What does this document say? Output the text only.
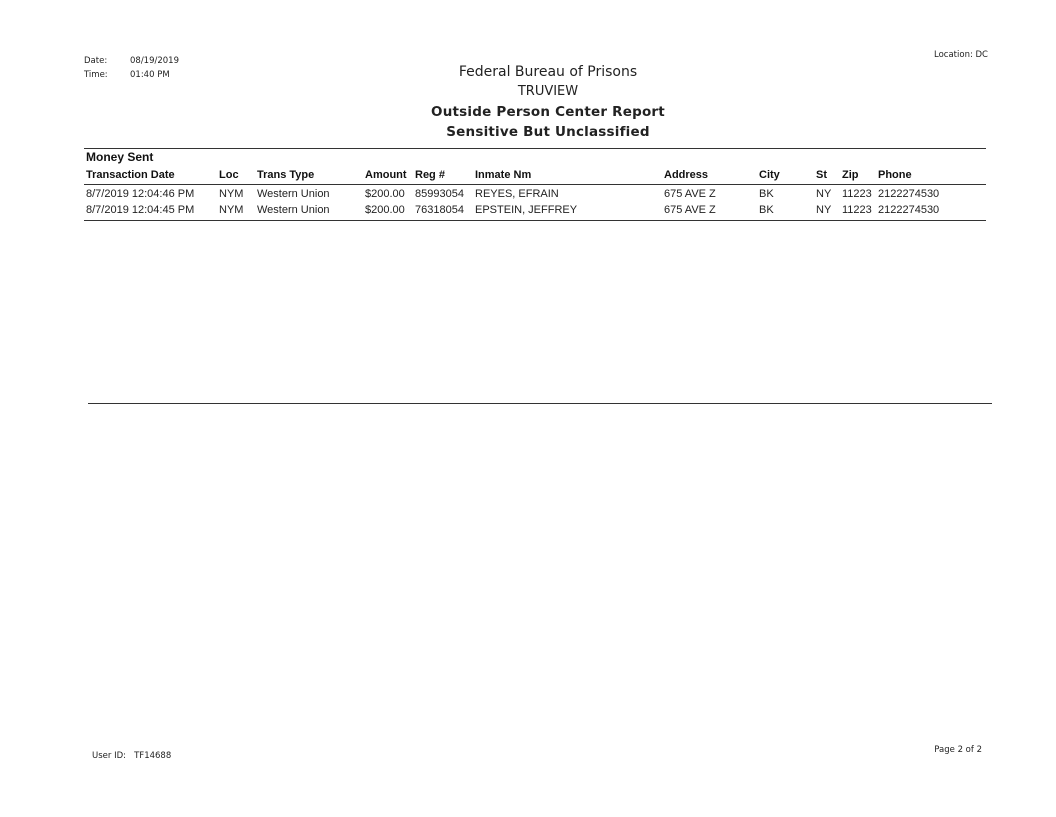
Date:	08/19/2019
Time:	01:40 PM
Location: DC
Federal Bureau of Prisons
TRUVIEW
Outside Person Center Report
Sensitive But Unclassified
Money Sent
Transaction Date	Loc	Trans Type	Amount	Reg #	Inmate Nm	Address	City	St	Zip	Phone
8/7/2019 12:04:46 PM	NYM	Western Union	$200.00	85993054	REYES, EFRAIN	675 AVE Z	BK	NY	11223	2122274530
8/7/2019 12:04:45 PM	NYM	Western Union	$200.00	76318054	EPSTEIN, JEFFREY	675 AVE Z	BK	NY	11223	2122274530
User ID: TF14688
Page 2 of 2
